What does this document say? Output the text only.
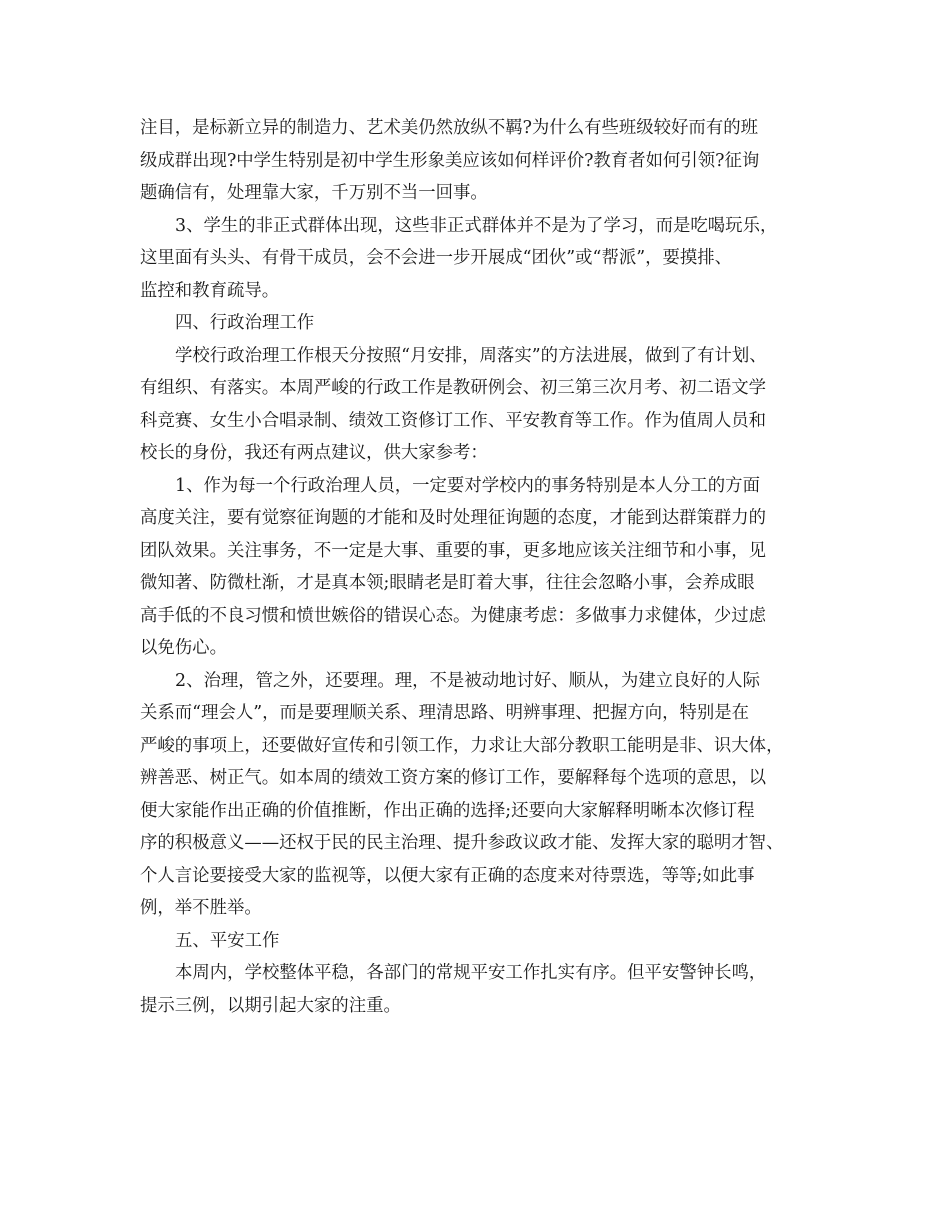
注目，是标新立异的制造力、艺术美仍然放纵不羁?为什么有些班级较好而有的班
级成群出现?中学生特别是初中学生形象美应该如何样评价?教育者如何引领?征询
题确信有，处理靠大家，千万别不当一回事。
3、学生的非正式群体出现，这些非正式群体并不是为了学习，而是吃喝玩乐，
这里面有头头、有骨干成员，会不会进一步开展成“团伙”或“帮派”，要摸排、
监控和教育疏导。
四、行政治理工作
学校行政治理工作根天分按照“月安排，周落实”的方法进展，做到了有计划、
有组织、有落实。本周严峻的行政工作是教研例会、初三第三次月考、初二语文学
科竞赛、女生小合唱录制、绩效工资修订工作、平安教育等工作。作为值周人员和
校长的身份，我还有两点建议，供大家参考：
1、作为每一个行政治理人员，一定要对学校内的事务特别是本人分工的方面
高度关注，要有觉察征询题的才能和及时处理征询题的态度，才能到达群策群力的
团队效果。关注事务，不一定是大事、重要的事，更多地应该关注细节和小事，见
微知著、防微杜渐，才是真本领;眼睛老是盯着大事，往往会忽略小事，会养成眼
高手低的不良习惯和愤世嫉俗的错误心态。为健康考虑：多做事力求健体，少过虑
以免伤心。
2、治理，管之外，还要理。理，不是被动地讨好、顺从，为建立良好的人际
关系而“理会人”，而是要理顺关系、理清思路、明辨事理、把握方向，特别是在
严峻的事项上，还要做好宣传和引领工作，力求让大部分教职工能明是非、识大体，
辨善恶、树正气。如本周的绩效工资方案的修订工作，要解释每个选项的意思，以
便大家能作出正确的价值推断，作出正确的选择;还要向大家解释明晰本次修订程
序的积极意义——还权于民的民主治理、提升参政议政才能、发挥大家的聪明才智、
个人言论要接受大家的监视等，以便大家有正确的态度来对待票选，等等;如此事
例，举不胜举。
五、平安工作
本周内，学校整体平稳，各部门的常规平安工作扎实有序。但平安警钟长鸣，
提示三例，以期引起大家的注重。
